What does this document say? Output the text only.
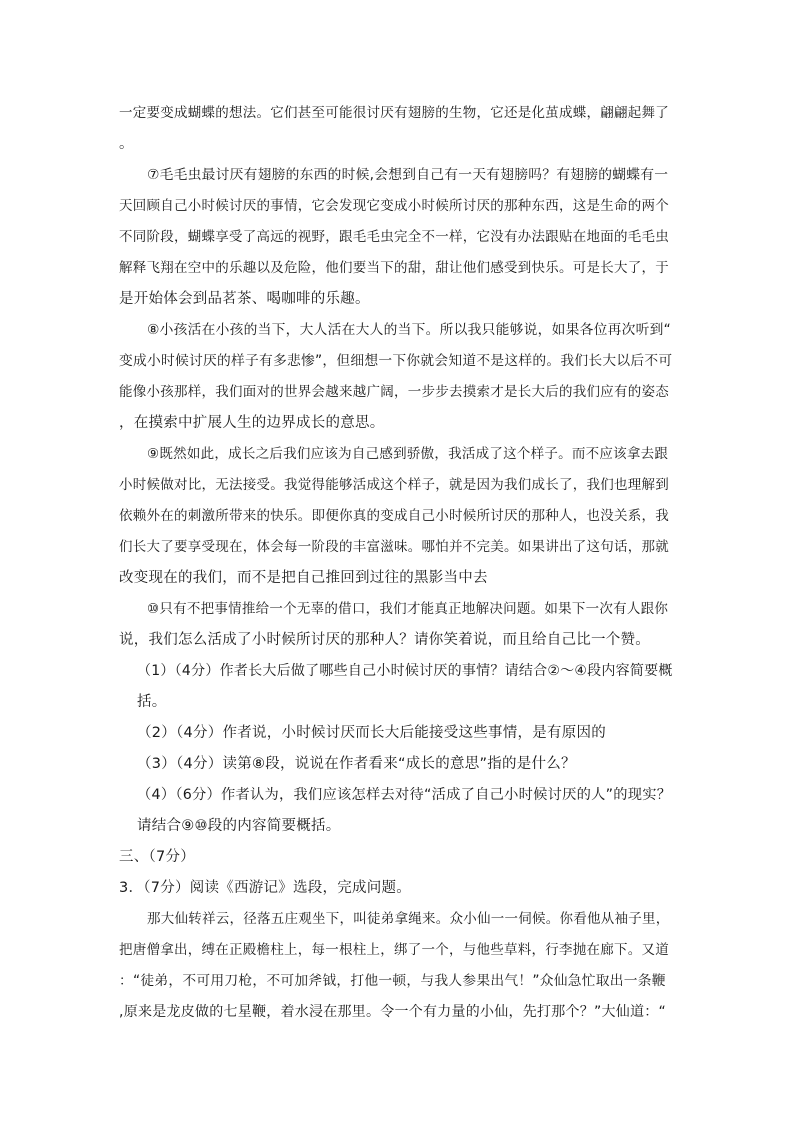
一定要变成蝴蝶的想法。它们甚至可能很讨厌有翅膀的生物，它还是化茧成蝶，翩翩起舞了
。
⑦毛毛虫最讨厌有翅膀的东西的时候,会想到自己有一天有翅膀吗？有翅膀的蝴蝶有一
天回顾自己小时候讨厌的事情，它会发现它变成小时候所讨厌的那种东西，这是生命的两个
不同阶段，蝴蝶享受了高远的视野，跟毛毛虫完全不一样，它没有办法跟贴在地面的毛毛虫
解释飞翔在空中的乐趣以及危险，他们要当下的甜，甜让他们感受到快乐。可是长大了，于
是开始体会到品茗茶、喝咖啡的乐趣。
⑧小孩活在小孩的当下，大人活在大人的当下。所以我只能够说，如果各位再次听到“
变成小时候讨厌的样子有多悲惨”，但细想一下你就会知道不是这样的。我们长大以后不可
能像小孩那样，我们面对的世界会越来越广阔，一步步去摸索才是长大后的我们应有的姿态
，在摸索中扩展人生的边界成长的意思。
⑨既然如此，成长之后我们应该为自己感到骄傲，我活成了这个样子。而不应该拿去跟
小时候做对比，无法接受。我觉得能够活成这个样子，就是因为我们成长了，我们也理解到
依赖外在的刺激所带来的快乐。即便你真的变成自己小时候所讨厌的那种人，也没关系，我
们长大了要享受现在，体会每一阶段的丰富滋味。哪怕并不完美。如果讲出了这句话，那就
改变现在的我们，而不是把自己推回到过往的黑影当中去
⑩只有不把事情推给一个无辜的借口，我们才能真正地解决问题。如果下一次有人跟你
说，我们怎么活成了小时候所讨厌的那种人？请你笑着说，而且给自己比一个赞。
（1）（4分）作者长大后做了哪些自己小时候讨厌的事情？请结合②～④段内容简要概
括。
（2）（4分）作者说，小时候讨厌而长大后能接受这些事情，是有原因的
（3）（4分）读第⑧段，说说在作者看来“成长的意思”指的是什么？
（4）（6分）作者认为，我们应该怎样去对待“活成了自己小时候讨厌的人”的现实？
请结合⑨⑩段的内容简要概括。
三、（7分）
3．（7分）阅读《西游记》选段，完成问题。
那大仙转祥云，径落五庄观坐下，叫徒弟拿绳来。众小仙一一伺候。你看他从袖子里，
把唐僧拿出，缚在正殿檐柱上，每一根柱上，绑了一个，与他些草料，行李抛在廊下。又道
：“徒弟，不可用刀枪，不可加斧钺，打他一顿，与我人参果出气！”众仙急忙取出一条鞭
,原来是龙皮做的七星鞭，着水浸在那里。令一个有力量的小仙，先打那个？”大仙道：“
